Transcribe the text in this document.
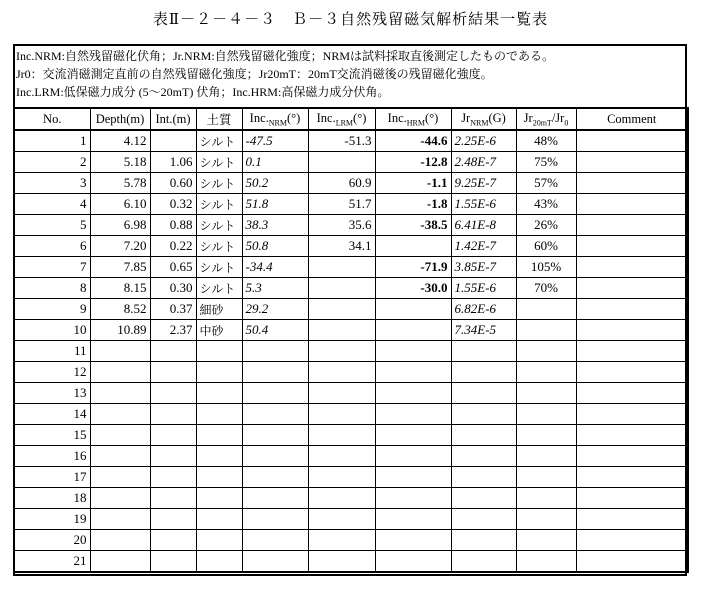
表Ⅱ－２－４－３　Ｂ－３自然残留磁気解析結果一覧表
Inc.NRM:自然残留磁化伏角；Jr.NRM:自然残留磁化強度；NRMは試料採取直後測定したものである。
Jr0：交流消磁測定直前の自然残留磁化強度；Jr20mT：20mT交流消磁後の残留磁化強度。
Inc.LRM:低保磁力成分 (5～20mT) 伏角；Inc.HRM:高保磁力成分伏角。
No.	Depth(m)	Int.(m)	土質	$Inc._{NRM}(^\circ)$	$Inc._{LRM}(^\circ)$	$Inc._{HRM}(^\circ)$	$Jr_{NRM}(G)$	$Jr_{20mT}/Jr_0$	Comment
1	4.12		シルト	-47.5	-51.3	-44.6	2.25E-6	48%	
2	5.18	1.06	シルト	0.1		-12.8	2.48E-7	75%	
3	5.78	0.60	シルト	50.2	60.9	-1.1	9.25E-7	57%	
4	6.10	0.32	シルト	51.8	51.7	-1.8	1.55E-6	43%	
5	6.98	0.88	シルト	38.3	35.6	-38.5	6.41E-8	26%	
6	7.20	0.22	シルト	50.8	34.1		1.42E-7	60%	
7	7.85	0.65	シルト	-34.4		-71.9	3.85E-7	105%	
8	8.15	0.30	シルト	5.3		-30.0	1.55E-6	70%	
9	8.52	0.37	細砂	29.2			6.82E-6		
10	10.89	2.37	中砂	50.4			7.34E-5		
11									
12									
13									
14									
15									
16									
17									
18									
19									
20									
21									
